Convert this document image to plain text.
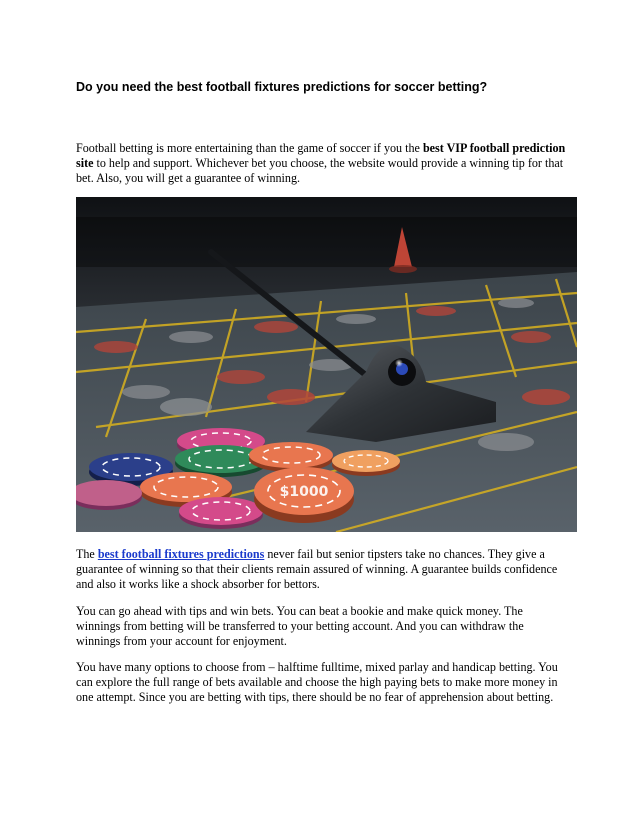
Do you need the best football fixtures predictions for soccer betting?

Football betting is more entertaining than the game of soccer if you the best VIP football prediction site to help and support. Whichever bet you choose, the website would provide a winning tip for that bet. Also, you will get a guarantee of winning.

$1000

The best football fixtures predictions never fail but senior tipsters take no chances. They give a guarantee of winning so that their clients remain assured of winning. A guarantee builds confidence and also it works like a shock absorber for bettors.

You can go ahead with tips and win bets. You can beat a bookie and make quick money. The winnings from betting will be transferred to your betting account. And you can withdraw the winnings from your account for enjoyment.

You have many options to choose from – halftime fulltime, mixed parlay and handicap betting. You can explore the full range of bets available and choose the high paying bets to make more money in one attempt. Since you are betting with tips, there should be no fear of apprehension about betting.
